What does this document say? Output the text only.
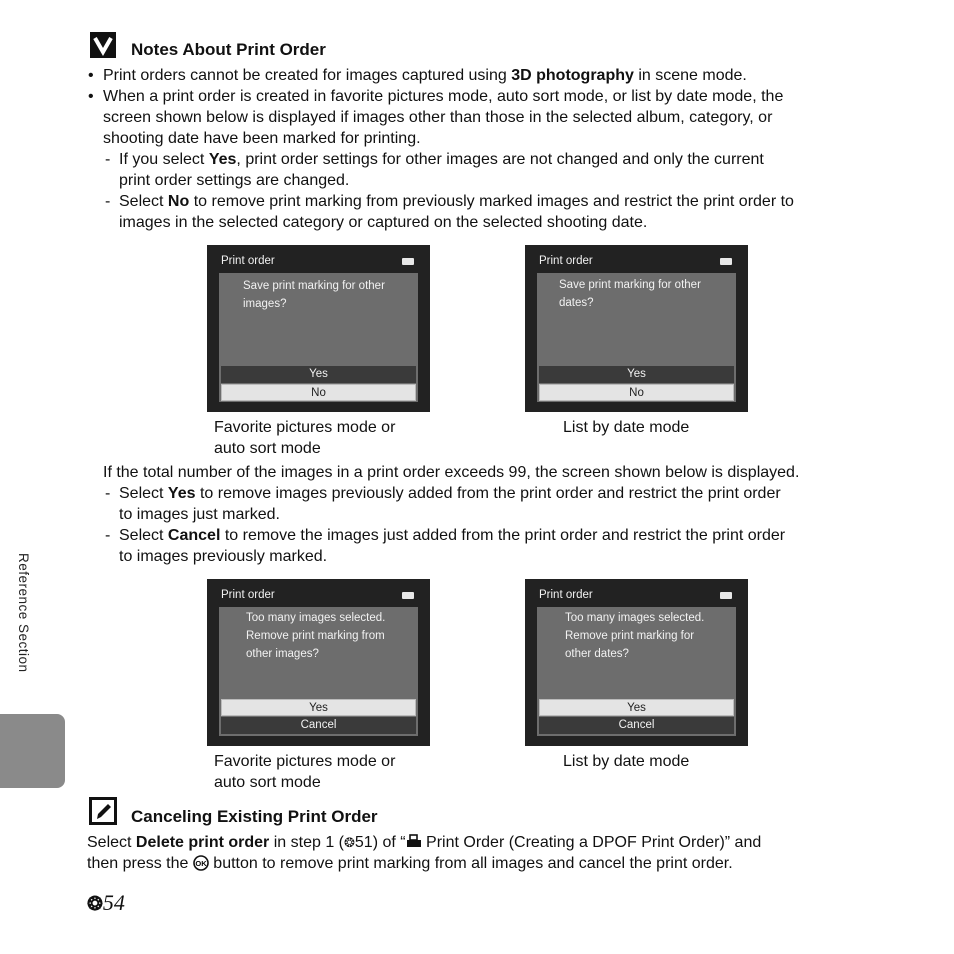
Notes About Print Order
• Print orders cannot be created for images captured using 3D photography in scene mode.
• When a print order is created in favorite pictures mode, auto sort mode, or list by date mode, the
screen shown below is displayed if images other than those in the selected album, category, or
shooting date have been marked for printing.
- If you select Yes, print order settings for other images are not changed and only the current
print order settings are changed.
- Select No to remove print marking from previously marked images and restrict the print order to
images in the selected category or captured on the selected shooting date.
Print order
Save print marking for other
images?
Yes
No
Favorite pictures mode or
auto sort mode
Print order
Save print marking for other
dates?
Yes
No
List by date mode
If the total number of the images in a print order exceeds 99, the screen shown below is displayed.
- Select Yes to remove images previously added from the print order and restrict the print order
to images just marked.
- Select Cancel to remove the images just added from the print order and restrict the print order
to images previously marked.
Print order
Too many images selected.
Remove print marking from
other images?
Yes
Cancel
Favorite pictures mode or
auto sort mode
Print order
Too many images selected.
Remove print marking for
other dates?
Yes
Cancel
List by date mode
Canceling Existing Print Order
Select Delete print order in step 1 (❂51) of “ Print Order (Creating a DPOF Print Order)” and
then press the OK button to remove print marking from all images and cancel the print order.
Reference Section
❂54
